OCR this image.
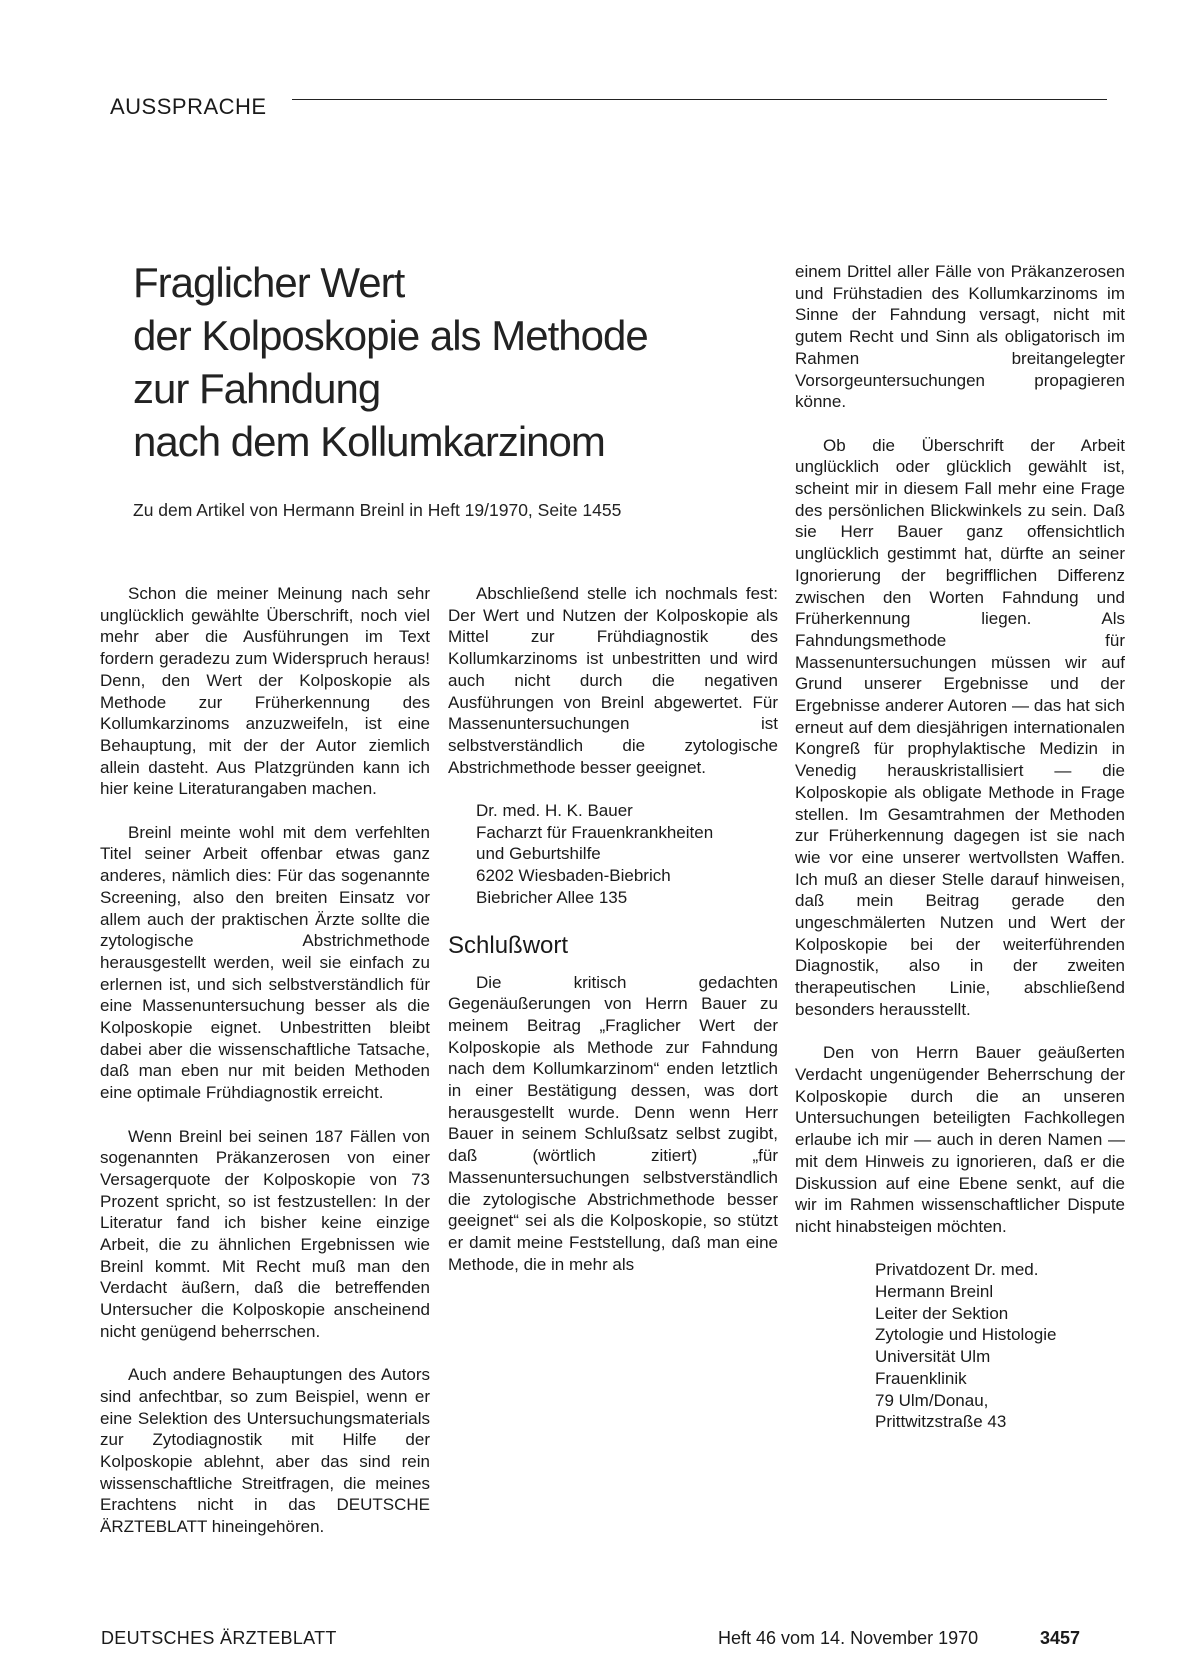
AUSSPRACHE
Fraglicher Wert
der Kolposkopie als Methode
zur Fahndung
nach dem Kollumkarzinom
Zu dem Artikel von Hermann Breinl in Heft 19/1970, Seite 1455

Schon die meiner Meinung nach sehr unglücklich gewählte Überschrift, noch viel mehr aber die Ausführungen im Text fordern geradezu zum Widerspruch heraus! Denn, den Wert der Kolposkopie als Methode zur Früherkennung des Kollumkarzinoms anzuzweifeln, ist eine Behauptung, mit der der Autor ziemlich allein dasteht. Aus Platzgründen kann ich hier keine Literaturangaben machen.

Breinl meinte wohl mit dem verfehlten Titel seiner Arbeit offenbar etwas ganz anderes, nämlich dies: Für das sogenannte Screening, also den breiten Einsatz vor allem auch der praktischen Ärzte sollte die zytologische Abstrichmethode herausgestellt werden, weil sie einfach zu erlernen ist, und sich selbstverständlich für eine Massenuntersuchung besser als die Kolposkopie eignet. Unbestritten bleibt dabei aber die wissenschaftliche Tatsache, daß man eben nur mit beiden Methoden eine optimale Frühdiagnostik erreicht.

Wenn Breinl bei seinen 187 Fällen von sogenannten Präkanzerosen von einer Versagerquote der Kolposkopie von 73 Prozent spricht, so ist festzustellen: In der Literatur fand ich bisher keine einzige Arbeit, die zu ähnlichen Ergebnissen wie Breinl kommt. Mit Recht muß man den Verdacht äußern, daß die betreffenden Untersucher die Kolposkopie anscheinend nicht genügend beherrschen.

Auch andere Behauptungen des Autors sind anfechtbar, so zum Beispiel, wenn er eine Selektion des Untersuchungsmaterials zur Zytodiagnostik mit Hilfe der Kolposkopie ablehnt, aber das sind rein wissenschaftliche Streitfragen, die meines Erachtens nicht in das DEUTSCHE ÄRZTEBLATT hineingehören.

Abschließend stelle ich nochmals fest: Der Wert und Nutzen der Kolposkopie als Mittel zur Frühdiagnostik des Kollumkarzinoms ist unbestritten und wird auch nicht durch die negativen Ausführungen von Breinl abgewertet. Für Massenuntersuchungen ist selbstverständlich die zytologische Abstrichmethode besser geeignet.

Dr. med. H. K. Bauer
Facharzt für Frauenkrankheiten
und Geburtshilfe
6202 Wiesbaden-Biebrich
Biebricher Allee 135
Schlußwort

Die kritisch gedachten Gegenäußerungen von Herrn Bauer zu meinem Beitrag „Fraglicher Wert der Kolposkopie als Methode zur Fahndung nach dem Kollumkarzinom“ enden letztlich in einer Bestätigung dessen, was dort herausgestellt wurde. Denn wenn Herr Bauer in seinem Schlußsatz selbst zugibt, daß (wörtlich zitiert) „für Massenuntersuchungen selbstverständlich die zytologische Abstrichmethode besser geeignet“ sei als die Kolposkopie, so stützt er damit meine Feststellung, daß man eine Methode, die in mehr als

einem Drittel aller Fälle von Präkanzerosen und Frühstadien des Kollumkarzinoms im Sinne der Fahndung versagt, nicht mit gutem Recht und Sinn als obligatorisch im Rahmen breitangelegter Vorsorgeuntersuchungen propagieren könne.

Ob die Überschrift der Arbeit unglücklich oder glücklich gewählt ist, scheint mir in diesem Fall mehr eine Frage des persönlichen Blickwinkels zu sein. Daß sie Herr Bauer ganz offensichtlich unglücklich gestimmt hat, dürfte an seiner Ignorierung der begrifflichen Differenz zwischen den Worten Fahndung und Früherkennung liegen. Als Fahndungsmethode für Massenuntersuchungen müssen wir auf Grund unserer Ergebnisse und der Ergebnisse anderer Autoren — das hat sich erneut auf dem diesjährigen internationalen Kongreß für prophylaktische Medizin in Venedig herauskristallisiert — die Kolposkopie als obligate Methode in Frage stellen. Im Gesamtrahmen der Methoden zur Früherkennung dagegen ist sie nach wie vor eine unserer wertvollsten Waffen. Ich muß an dieser Stelle darauf hinweisen, daß mein Beitrag gerade den ungeschmälerten Nutzen und Wert der Kolposkopie bei der weiterführenden Diagnostik, also in der zweiten therapeutischen Linie, abschließend besonders herausstellt.

Den von Herrn Bauer geäußerten Verdacht ungenügender Beherrschung der Kolposkopie durch die an unseren Untersuchungen beteiligten Fachkollegen erlaube ich mir — auch in deren Namen — mit dem Hinweis zu ignorieren, daß er die Diskussion auf eine Ebene senkt, auf die wir im Rahmen wissenschaftlicher Dispute nicht hinabsteigen möchten.

Privatdozent Dr. med.
Hermann Breinl
Leiter der Sektion
Zytologie und Histologie
Universität Ulm
Frauenklinik
79 Ulm/Donau,
Prittwitzstraße 43
DEUTSCHES ÄRZTEBLATT	Heft 46 vom 14. November 1970	3457
